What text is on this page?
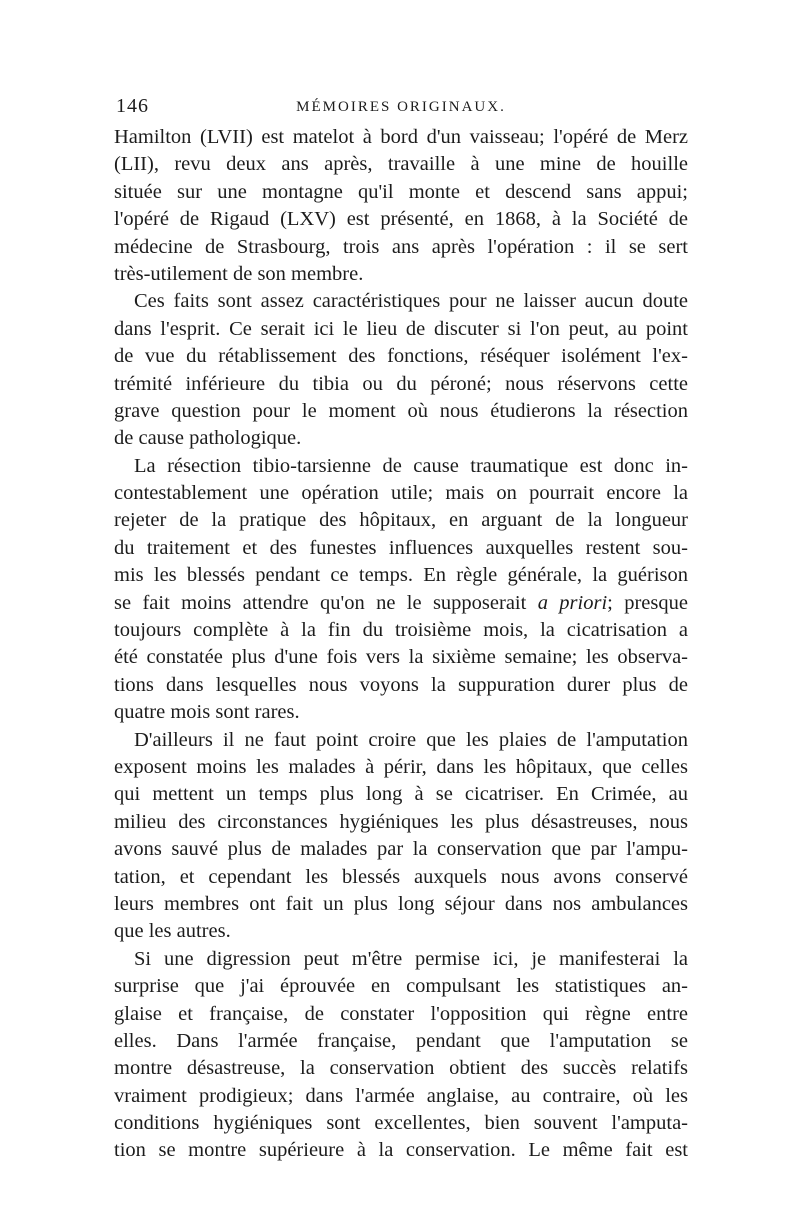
146	MÉMOIRES ORIGINAUX.
Hamilton (LVII) est matelot à bord d'un vaisseau; l'opéré de Merz
(LII), revu deux ans après, travaille à une mine de houille
située sur une montagne qu'il monte et descend sans appui;
l'opéré de Rigaud (LXV) est présenté, en 1868, à la Société de
médecine de Strasbourg, trois ans après l'opération : il se sert
très-utilement de son membre.
Ces faits sont assez caractéristiques pour ne laisser aucun doute
dans l'esprit. Ce serait ici le lieu de discuter si l'on peut, au point
de vue du rétablissement des fonctions, réséquer isolément l'ex-
trémité inférieure du tibia ou du péroné; nous réservons cette
grave question pour le moment où nous étudierons la résection
de cause pathologique.
La résection tibio-tarsienne de cause traumatique est donc in-
contestablement une opération utile; mais on pourrait encore la
rejeter de la pratique des hôpitaux, en arguant de la longueur
du traitement et des funestes influences auxquelles restent sou-
mis les blessés pendant ce temps. En règle générale, la guérison
se fait moins attendre qu'on ne le supposerait a priori; presque
toujours complète à la fin du troisième mois, la cicatrisation a
été constatée plus d'une fois vers la sixième semaine; les observa-
tions dans lesquelles nous voyons la suppuration durer plus de
quatre mois sont rares.
D'ailleurs il ne faut point croire que les plaies de l'amputation
exposent moins les malades à périr, dans les hôpitaux, que celles
qui mettent un temps plus long à se cicatriser. En Crimée, au
milieu des circonstances hygiéniques les plus désastreuses, nous
avons sauvé plus de malades par la conservation que par l'ampu-
tation, et cependant les blessés auxquels nous avons conservé
leurs membres ont fait un plus long séjour dans nos ambulances
que les autres.
Si une digression peut m'être permise ici, je manifesterai la
surprise que j'ai éprouvée en compulsant les statistiques an-
glaise et française, de constater l'opposition qui règne entre
elles. Dans l'armée française, pendant que l'amputation se
montre désastreuse, la conservation obtient des succès relatifs
vraiment prodigieux; dans l'armée anglaise, au contraire, où les
conditions hygiéniques sont excellentes, bien souvent l'amputa-
tion se montre supérieure à la conservation. Le même fait est
